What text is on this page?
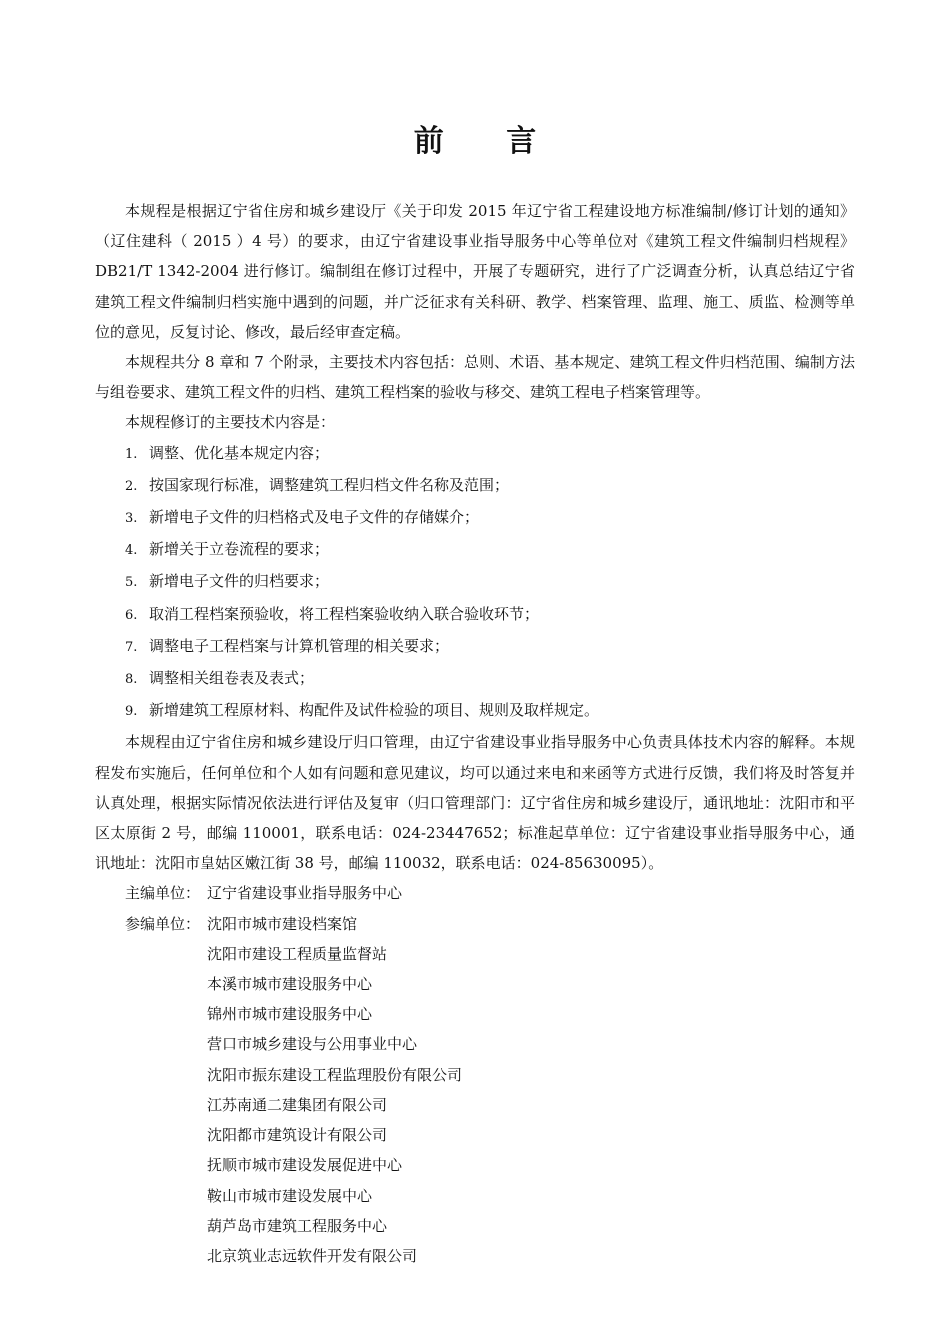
前 言

本规程是根据辽宁省住房和城乡建设厅《关于印发 2015 年辽宁省工程建设地方标准编制/修订计划的通知》（辽住建科（ 2015 ）4 号）的要求，由辽宁省建设事业指导服务中心等单位对《建筑工程文件编制归档规程》DB21/T 1342-2004 进行修订。编制组在修订过程中，开展了专题研究，进行了广泛调查分析，认真总结辽宁省建筑工程文件编制归档实施中遇到的问题，并广泛征求有关科研、教学、档案管理、监理、施工、质监、检测等单位的意见，反复讨论、修改，最后经审查定稿。

本规程共分 8 章和 7 个附录，主要技术内容包括：总则、术语、基本规定、建筑工程文件归档范围、编制方法与组卷要求、建筑工程文件的归档、建筑工程档案的验收与移交、建筑工程电子档案管理等。

本规程修订的主要技术内容是：

1. 调整、优化基本规定内容；
2. 按国家现行标准，调整建筑工程归档文件名称及范围；
3. 新增电子文件的归档格式及电子文件的存储媒介；
4. 新增关于立卷流程的要求；
5. 新增电子文件的归档要求；
6. 取消工程档案预验收，将工程档案验收纳入联合验收环节；
7. 调整电子工程档案与计算机管理的相关要求；
8. 调整相关组卷表及表式；
9. 新增建筑工程原材料、构配件及试件检验的项目、规则及取样规定。

本规程由辽宁省住房和城乡建设厅归口管理，由辽宁省建设事业指导服务中心负责具体技术内容的解释。本规程发布实施后，任何单位和个人如有问题和意见建议，均可以通过来电和来函等方式进行反馈，我们将及时答复并认真处理，根据实际情况依法进行评估及复审（归口管理部门：辽宁省住房和城乡建设厅，通讯地址：沈阳市和平区太原街 2 号，邮编 110001，联系电话：024-23447652；标准起草单位：辽宁省建设事业指导服务中心，通讯地址：沈阳市皇姑区嫩江街 38 号，邮编 110032，联系电话：024-85630095）。

主编单位： 辽宁省建设事业指导服务中心
参编单位： 沈阳市城市建设档案馆
沈阳市建设工程质量监督站
本溪市城市建设服务中心
锦州市城市建设服务中心
营口市城乡建设与公用事业中心
沈阳市振东建设工程监理股份有限公司
江苏南通二建集团有限公司
沈阳都市建筑设计有限公司
抚顺市城市建设发展促进中心
鞍山市城市建设发展中心
葫芦岛市建筑工程服务中心
北京筑业志远软件开发有限公司
